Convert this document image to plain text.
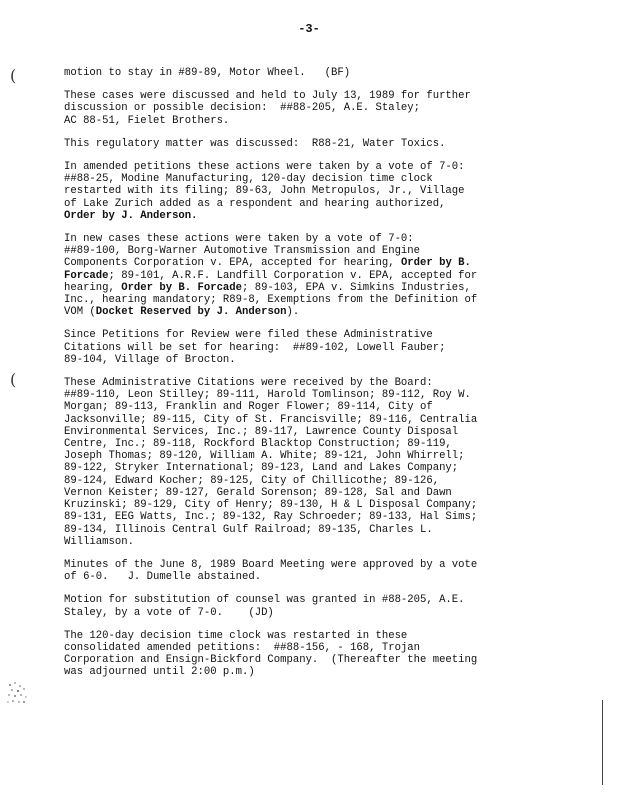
-3-
(
(
motion to stay in #89-89, Motor Wheel.   (BF)
These cases were discussed and held to July 13, 1989 for further
discussion or possible decision:  ##88-205, A.E. Staley;
AC 88-51, Fielet Brothers.
This regulatory matter was discussed:  R88-21, Water Toxics.
In amended petitions these actions were taken by a vote of 7-0:
##88-25, Modine Manufacturing, 120-day decision time clock
restarted with its filing; 89-63, John Metropulos, Jr., Village
of Lake Zurich added as a respondent and hearing authorized,
Order by J. Anderson.
In new cases these actions were taken by a vote of 7-0:
##89-100, Borg-Warner Automotive Transmission and Engine
Components Corporation v. EPA, accepted for hearing, Order by B.
Forcade; 89-101, A.R.F. Landfill Corporation v. EPA, accepted for
hearing, Order by B. Forcade; 89-103, EPA v. Simkins Industries,
Inc., hearing mandatory; R89-8, Exemptions from the Definition of
VOM (Docket Reserved by J. Anderson).
Since Petitions for Review were filed these Administrative
Citations will be set for hearing:  ##89-102, Lowell Fauber;
89-104, Village of Brocton.
These Administrative Citations were received by the Board:
##89-110, Leon Stilley; 89-111, Harold Tomlinson; 89-112, Roy W.
Morgan; 89-113, Franklin and Roger Flower; 89-114, City of
Jacksonville; 89-115, City of St. Francisville; 89-116, Centralia
Environmental Services, Inc.; 89-117, Lawrence County Disposal
Centre, Inc.; 89-118, Rockford Blacktop Construction; 89-119,
Joseph Thomas; 89-120, William A. White; 89-121, John Whirrell;
89-122, Stryker International; 89-123, Land and Lakes Company;
89-124, Edward Kocher; 89-125, City of Chillicothe; 89-126,
Vernon Keister; 89-127, Gerald Sorenson; 89-128, Sal and Dawn
Kruzinski; 89-129, City of Henry; 89-130, H & L Disposal Company;
89-131, EEG Watts, Inc.; 89-132, Ray Schroeder; 89-133, Hal Sims;
89-134, Illinois Central Gulf Railroad; 89-135, Charles L.
Williamson.
Minutes of the June 8, 1989 Board Meeting were approved by a vote
of 6-0.   J. Dumelle abstained.
Motion for substitution of counsel was granted in #88-205, A.E.
Staley, by a vote of 7-0.    (JD)
The 120-day decision time clock was restarted in these
consolidated amended petitions:  ##88-156, - 168, Trojan
Corporation and Ensign-Bickford Company.  (Thereafter the meeting
was adjourned until 2:00 p.m.)
